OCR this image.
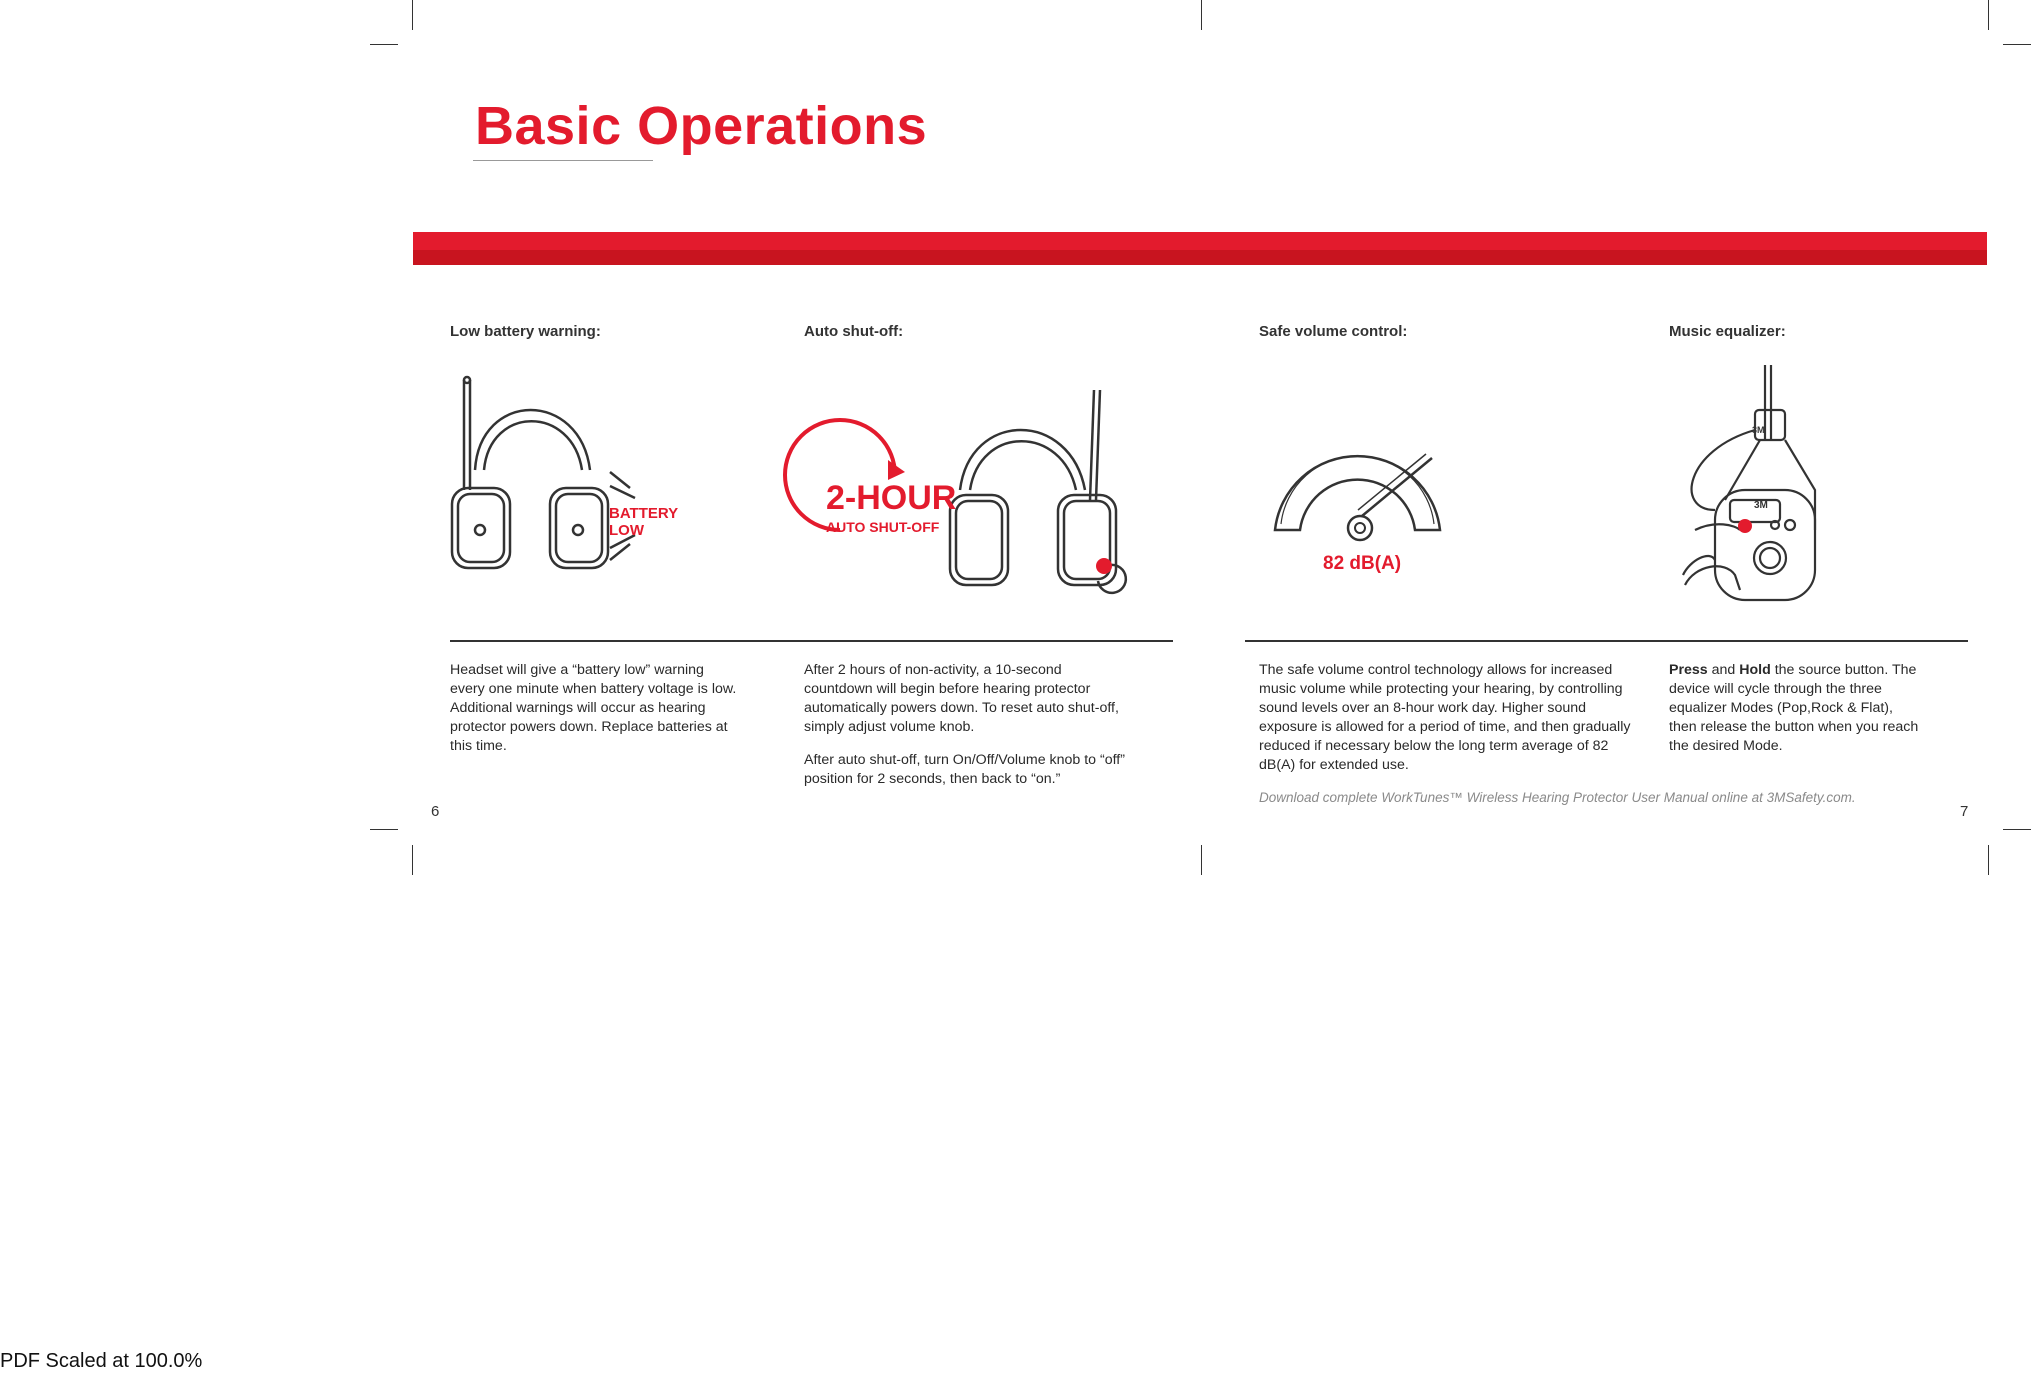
Basic Operations
Low battery warning:	Auto shut-off:	Safe volume control:	Music equalizer:
BATTERY
LOW
2-HOUR
AUTO SHUT-OFF
82 dB(A)
3M
3M

Headset will give a “battery low” warning every one minute when battery voltage is low. Additional warnings will occur as hearing protector powers down. Replace batteries at this time.

After 2 hours of non-activity, a 10-second countdown will begin before hearing protector automatically powers down. To reset auto shut-off, simply adjust volume knob.

After auto shut-off, turn On/Off/Volume knob to “off” position for 2 seconds, then back to “on.”

The safe volume control technology allows for increased music volume while protecting your hearing, by controlling sound levels over an 8-hour work day. Higher sound exposure is allowed for a period of time, and then gradually reduced if necessary below the long term average of 82 dB(A) for extended use.

Press and Hold the source button. The device will cycle through the three equalizer Modes (Pop,Rock & Flat), then release the button when you reach the desired Mode.

Download complete WorkTunes™ Wireless Hearing Protector User Manual online at 3MSafety.com.
6	7
PDF Scaled at 100.0%
